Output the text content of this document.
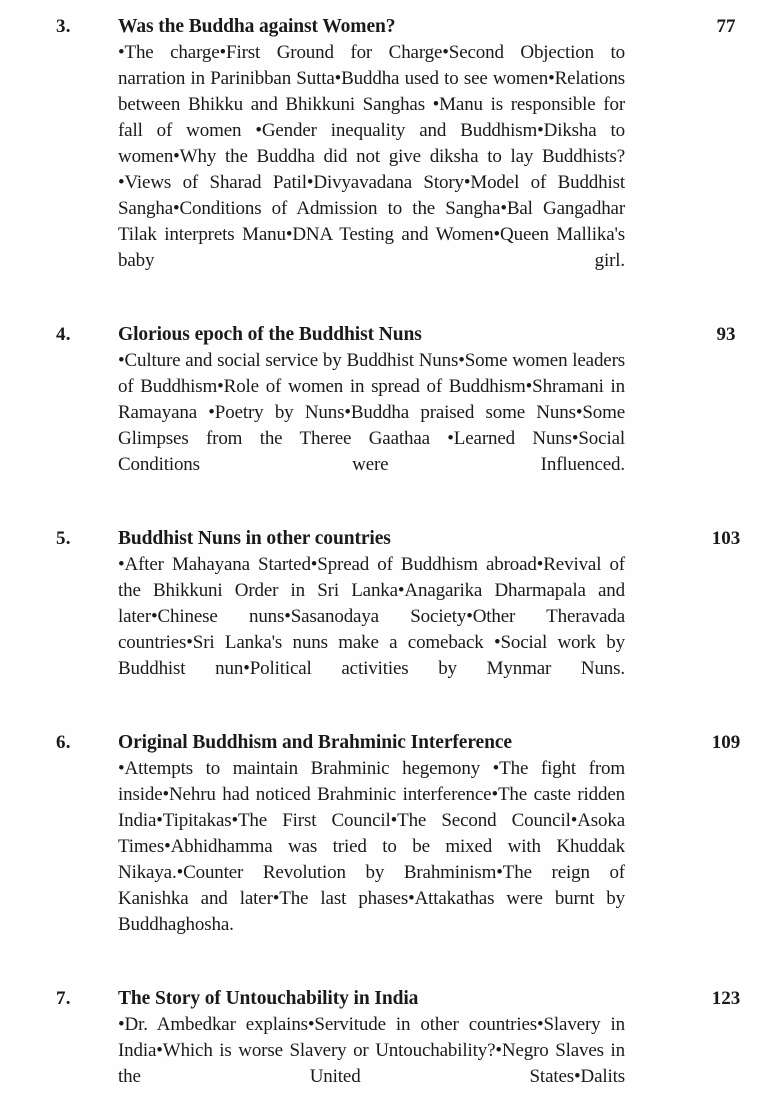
3.	Was the Buddha against Women?	77

•The charge•First Ground for Charge•Second Objection to narration in Parinibban Sutta•Buddha used to see women•Relations between Bhikku and Bhikkuni Sanghas •Manu is responsible for fall of women •Gender inequality and Buddhism•Diksha to women•Why the Buddha did not give diksha to lay Buddhists?•Views of Sharad Patil•Divyavadana Story•Model of Buddhist Sangha•Conditions of Admission to the Sangha•Bal Gangadhar Tilak interprets Manu•DNA Testing and Women•Queen Mallika's baby girl.

4.	Glorious epoch of the Buddhist Nuns	93

•Culture and social service by Buddhist Nuns•Some women leaders of Buddhism•Role of women in spread of Buddhism•Shramani in Ramayana •Poetry by Nuns•Buddha praised some Nuns•Some Glimpses from the Theree Gaathaa •Learned Nuns•Social Conditions were Influenced.

5.	Buddhist Nuns in other countries	103

•After Mahayana Started•Spread of Buddhism abroad•Revival of the Bhikkuni Order in Sri Lanka•Anagarika Dharmapala and later•Chinese nuns•Sasanodaya Society•Other Theravada countries•Sri Lanka's nuns make a comeback •Social work by Buddhist nun•Political activities by Mynmar Nuns.

6.	Original Buddhism and Brahminic Interference	109

•Attempts to maintain Brahminic hegemony •The fight from inside•Nehru had noticed Brahminic interference•The caste ridden India•Tipitakas•The First Council•The Second Council•Asoka Times•Abhidhamma was tried to be mixed with Khuddak Nikaya.•Counter Revolution by Brahminism•The reign of Kanishka and later•The last phases•Attakathas were burnt by Buddhaghosha.

7.	The Story of Untouchability in India	123

•Dr. Ambedkar explains•Servitude in other countries•Slavery in India•Which is worse Slavery or Untouchability?•Negro Slaves in the United States•Dalits
